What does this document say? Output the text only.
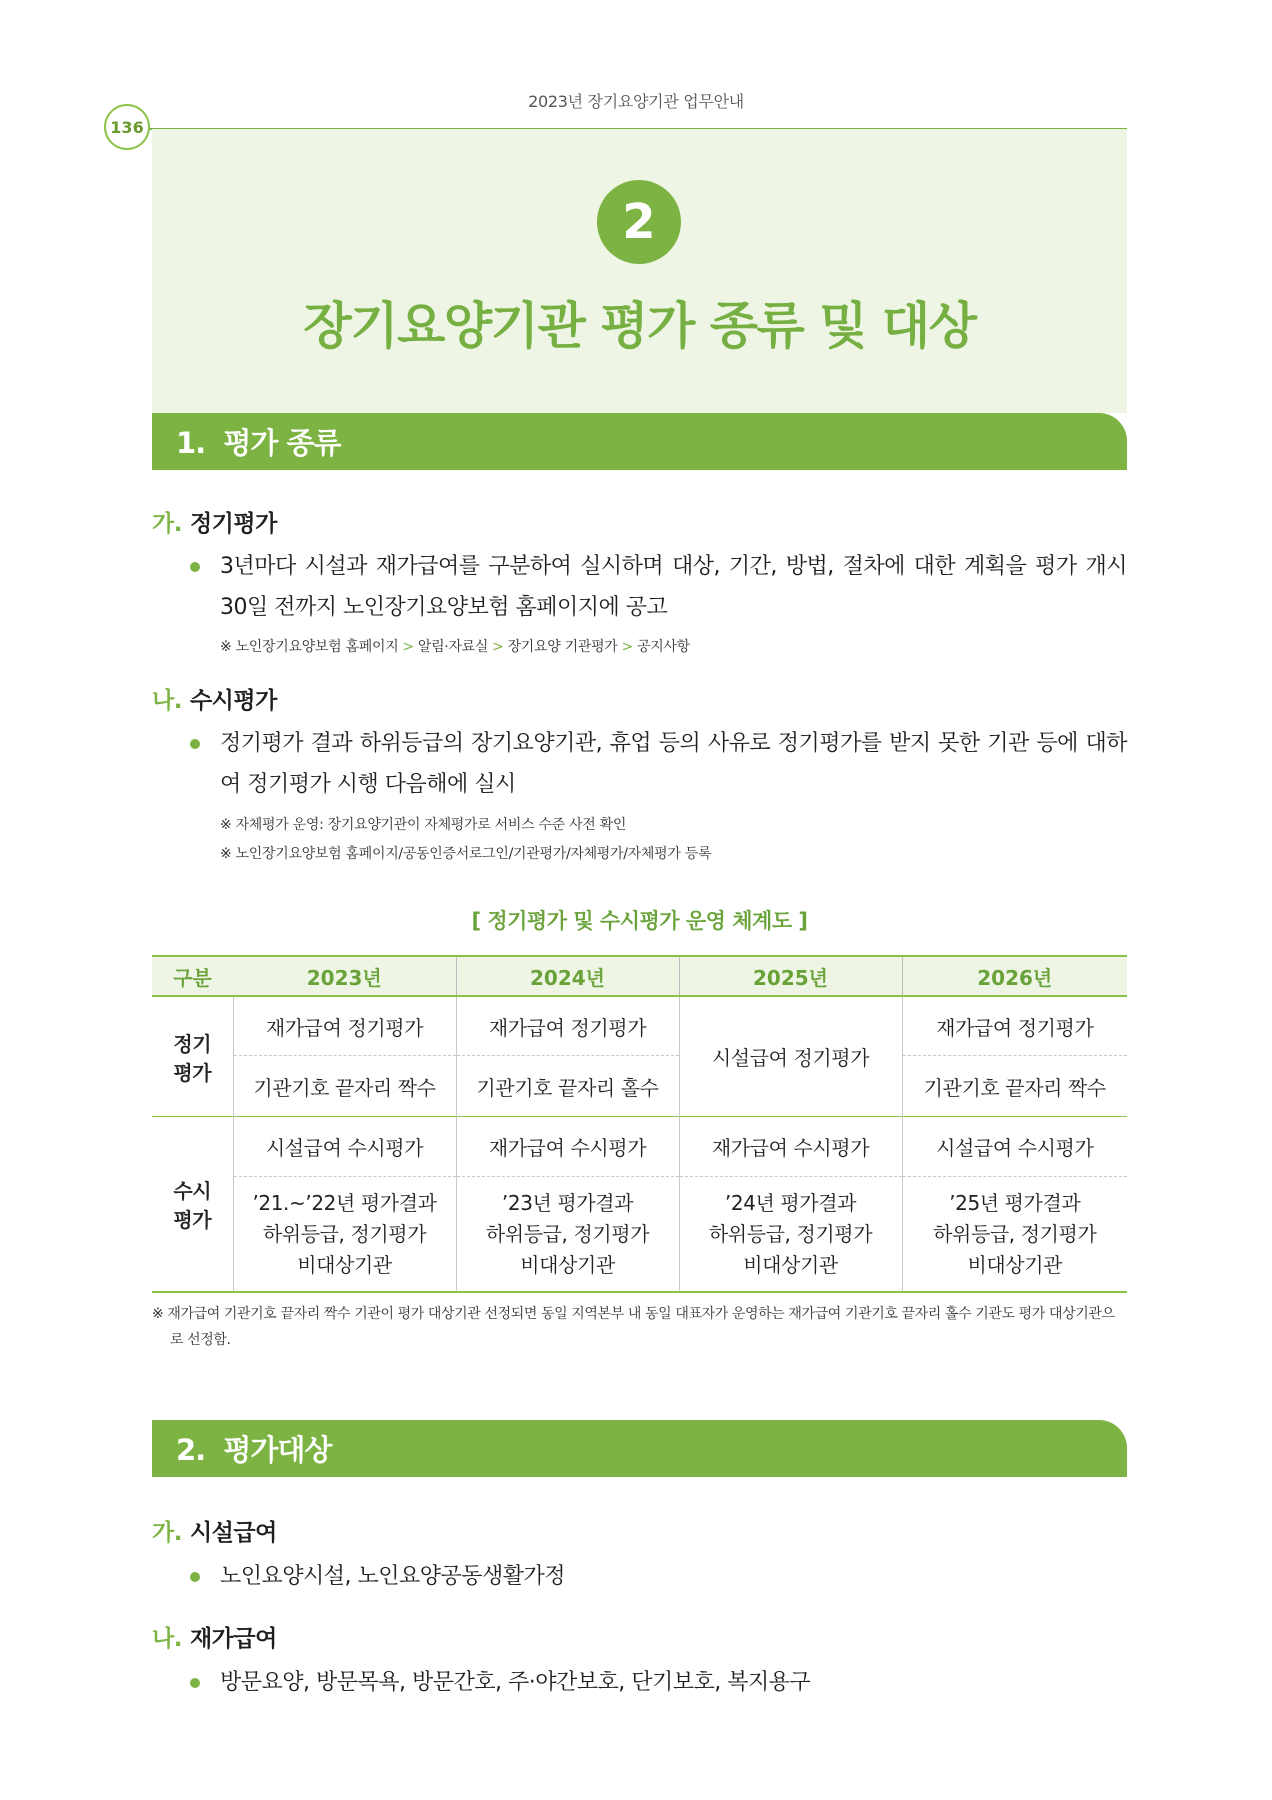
2023년 장기요양기관 업무안내
136
2
장기요양기관 평가 종류 및 대상
1.  평가 종류
가. 정기평가
3년마다 시설과 재가급여를 구분하여 실시하며 대상, 기간, 방법, 절차에 대한 계획을 평가 개시 30일 전까지 노인장기요양보험 홈페이지에 공고
※ 노인장기요양보험 홈페이지 > 알림·자료실 > 장기요양 기관평가 > 공지사항
나. 수시평가
정기평가 결과 하위등급의 장기요양기관, 휴업 등의 사유로 정기평가를 받지 못한 기관 등에 대하여 정기평가 시행 다음해에 실시
※ 자체평가 운영: 장기요양기관이 자체평가로 서비스 수준 사전 확인
※ 노인장기요양보험 홈페이지/공동인증서로그인/기관평가/자체평가/자체평가 등록
[ 정기평가 및 수시평가 운영 체계도 ]
구분	2023년	2024년	2025년	2026년
정기
평가	재가급여 정기평가	재가급여 정기평가	시설급여 정기평가	재가급여 정기평가
	기관기호 끝자리 짝수	기관기호 끝자리 홀수		기관기호 끝자리 짝수
수시
평가	시설급여 수시평가	재가급여 수시평가	재가급여 수시평가	시설급여 수시평가
	’21.~’22년 평가결과
하위등급, 정기평가
비대상기관	’23년 평가결과
하위등급, 정기평가
비대상기관	’24년 평가결과
하위등급, 정기평가
비대상기관	’25년 평가결과
하위등급, 정기평가
비대상기관
※ 재가급여 기관기호 끝자리 짝수 기관이 평가 대상기관 선정되면 동일 지역본부 내 동일 대표자가 운영하는 재가급여 기관기호 끝자리 홀수 기관도 평가 대상기관으로 선정함.
2.  평가대상
가. 시설급여
노인요양시설, 노인요양공동생활가정
나. 재가급여
방문요양, 방문목욕, 방문간호, 주·야간보호, 단기보호, 복지용구
